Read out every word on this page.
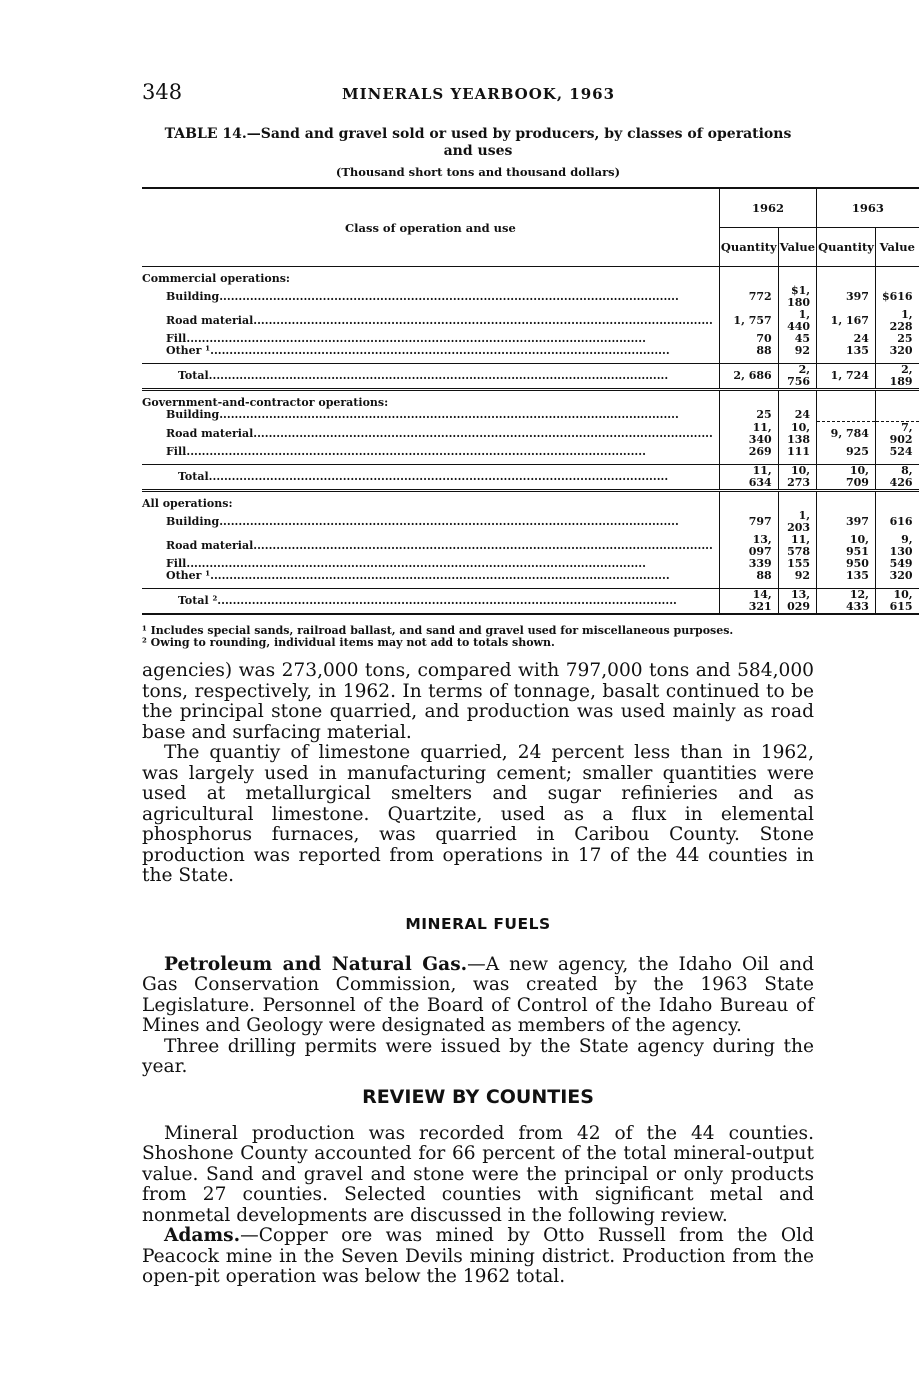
348	MINERALS YEARBOOK, 1963
TABLE 14.—Sand and gravel sold or used by producers, by classes of operations
and uses
(Thousand short tons and thousand dollars)
Class of operation and use	1962		1963	
	Quantity	Value	Quantity	Value

Commercial operations:				
Building........................................................................................................................	772	$1, 180	397	$616
Road material........................................................................................................................	1, 757	1, 440	1, 167	1, 228
Fill........................................................................................................................	70	45	24	25
Other ¹........................................................................................................................	88	92	135	320

Total........................................................................................................................	2, 686	2, 756	1, 724	2, 189

Government-and-contractor operations:				
Building........................................................................................................................	25	24		
Road material........................................................................................................................	11, 340	10, 138	9, 784	7, 902
Fill........................................................................................................................	269	111	925	524

Total........................................................................................................................	11, 634	10, 273	10, 709	8, 426

All operations:				
Building........................................................................................................................	797	1, 203	397	616
Road material........................................................................................................................	13, 097	11, 578	10, 951	9, 130
Fill........................................................................................................................	339	155	950	549
Other ¹........................................................................................................................	88	92	135	320

Total ²........................................................................................................................	14, 321	13, 029	12, 433	10, 615
¹ Includes special sands, railroad ballast, and sand and gravel used for miscellaneous purposes.
² Owing to rounding, individual items may not add to totals shown.

agencies) was 273,000 tons, compared with 797,000 tons and 584,000 tons, respectively, in 1962. In terms of tonnage, basalt continued to be the principal stone quarried, and production was used mainly as road base and surfacing material.

The quantiy of limestone quarried, 24 percent less than in 1962, was largely used in manufacturing cement; smaller quantities were used at metallurgical smelters and sugar refinieries and as agricultural limestone. Quartzite, used as a flux in elemental phosphorus furnaces, was quarried in Caribou County. Stone production was reported from operations in 17 of the 44 counties in the State.

MINERAL FUELS

Petroleum and Natural Gas.—A new agency, the Idaho Oil and Gas Conservation Commission, was created by the 1963 State Legislature. Personnel of the Board of Control of the Idaho Bureau of Mines and Geology were designated as members of the agency.

Three drilling permits were issued by the State agency during the year.

REVIEW BY COUNTIES

Mineral production was recorded from 42 of the 44 counties. Shoshone County accounted for 66 percent of the total mineral-output value. Sand and gravel and stone were the principal or only products from 27 counties. Selected counties with significant metal and nonmetal developments are discussed in the following review.

Adams.—Copper ore was mined by Otto Russell from the Old Peacock mine in the Seven Devils mining district. Production from the open-pit operation was below the 1962 total.
